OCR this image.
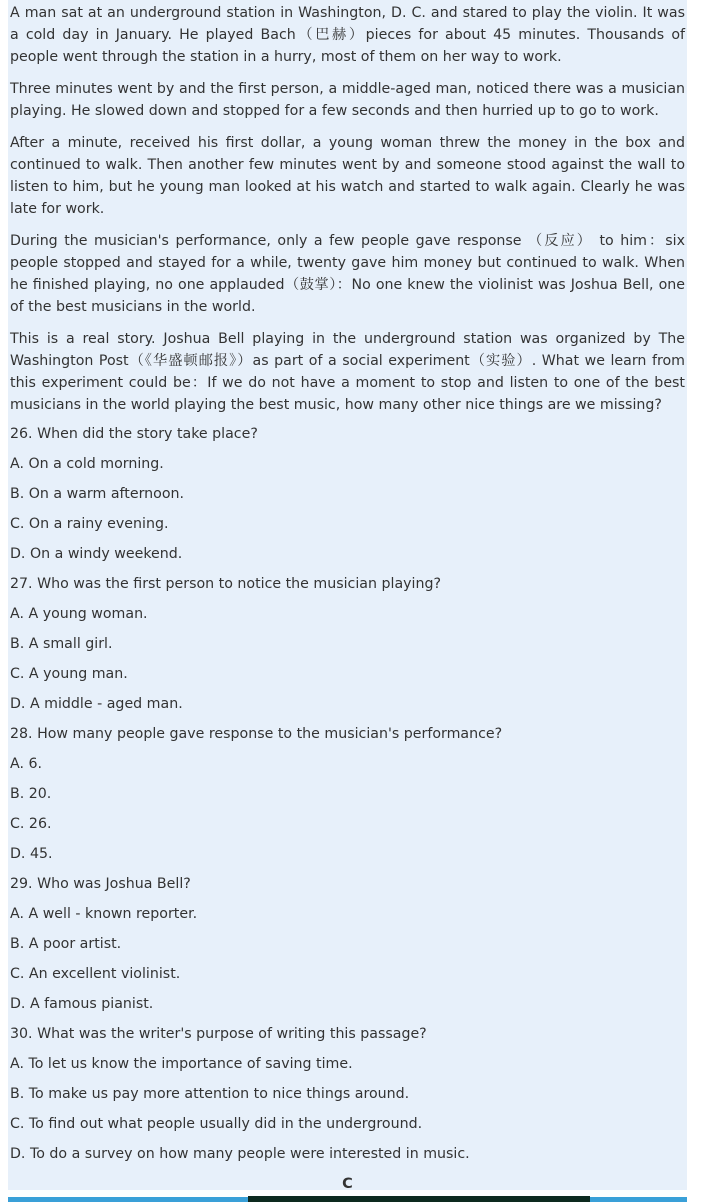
A man sat at an underground station in Washington, D. C. and stared to play the violin. It was a cold day in January. He played Bach（巴赫）pieces for about 45 minutes. Thousands of people went through the station in a hurry, most of them on her way to work.

Three minutes went by and the first person, a middle-aged man, noticed there was a musician playing. He slowed down and stopped for a few seconds and then hurried up to go to work.

After a minute, received his first dollar, a young woman threw the money in the box and continued to walk. Then another few minutes went by and someone stood against the wall to listen to him, but he young man looked at his watch and started to walk again. Clearly he was late for work.

During the musician's performance, only a few people gave response （反应） to him：six people stopped and stayed for a while, twenty gave him money but continued to walk. When he finished playing, no one applauded（鼓掌）：No one knew the violinist was Joshua Bell, one of the best musicians in the world.

This is a real story. Joshua Bell playing in the underground station was organized by The Washington Post（《华盛顿邮报》）as part of a social experiment（实验）. What we learn from this experiment could be：If we do not have a moment to stop and listen to one of the best musicians in the world playing the best music, how many other nice things are we missing?

26. When did the story take place?

A. On a cold morning.

B. On a warm afternoon.

C. On a rainy evening.

D. On a windy weekend.

27. Who was the first person to notice the musician playing?

A. A young woman.

B. A small girl.

C. A young man.

D. A middle - aged man.

28. How many people gave response to the musician's performance?

A. 6.

B. 20.

C. 26.

D. 45.

29. Who was Joshua Bell?

A. A well - known reporter.

B. A poor artist.

C. An excellent violinist.

D. A famous pianist.

30. What was the writer's purpose of writing this passage?

A. To let us know the importance of saving time.

B. To make us pay more attention to nice things around.

C. To find out what people usually did in the underground.

D. To do a survey on how many people were interested in music.

C
